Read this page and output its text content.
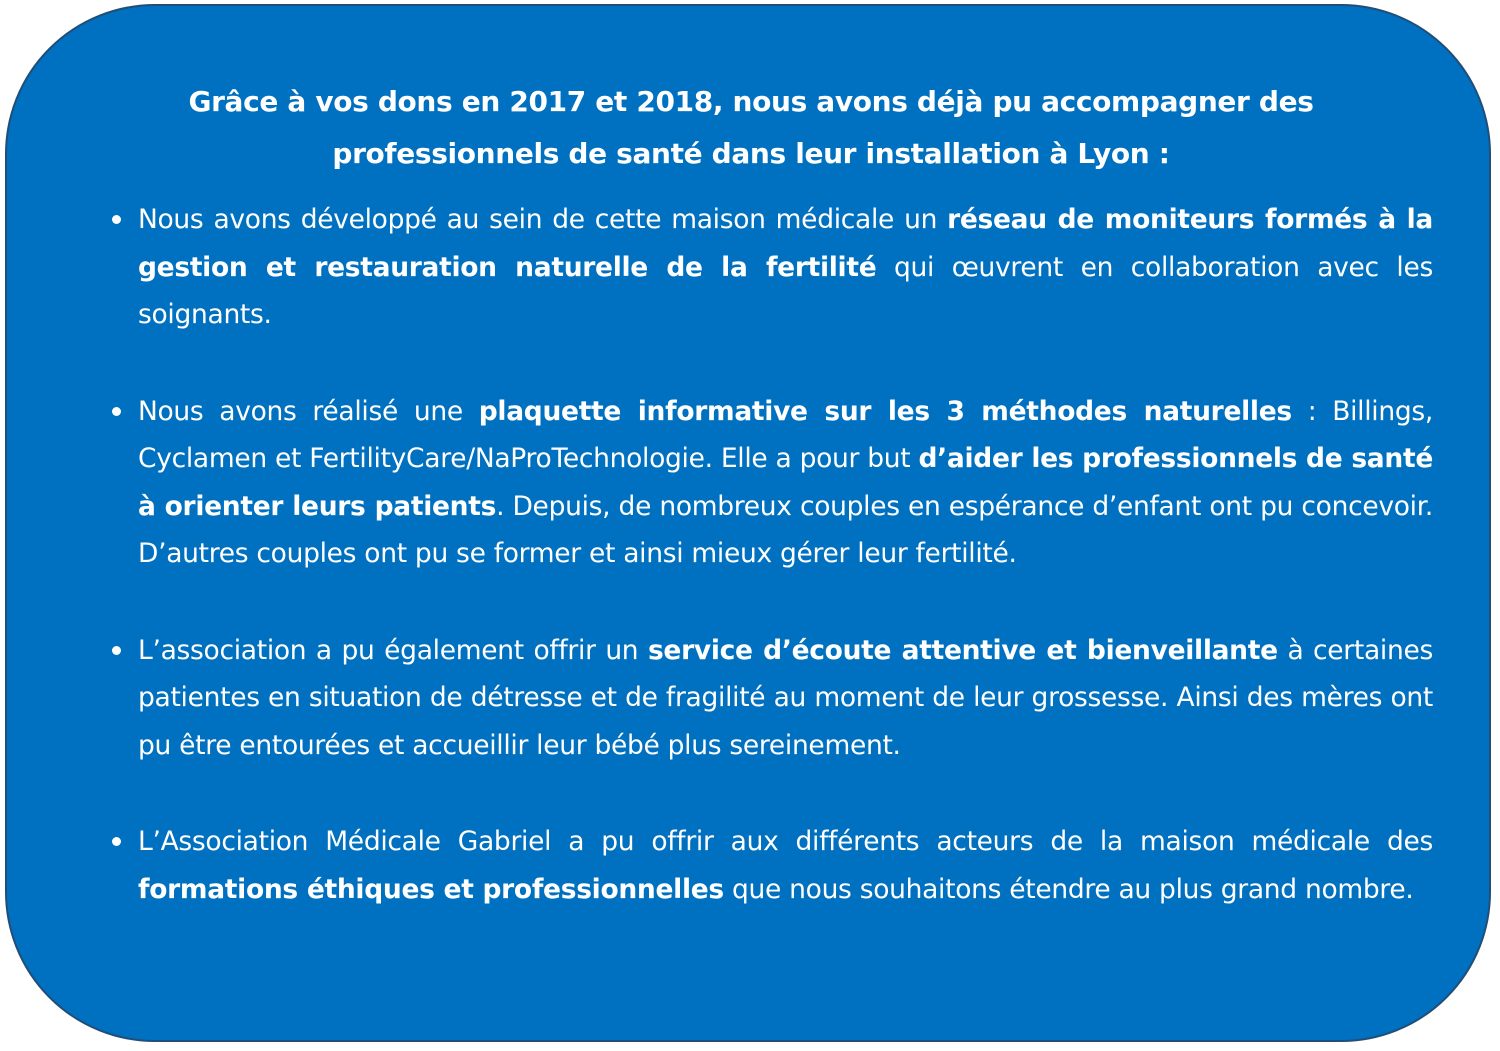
Grâce à vos dons en 2017 et 2018, nous avons déjà pu accompagner des
professionnels de santé dans leur installation à Lyon :
Nous avons développé au sein de cette maison médicale un réseau de moniteurs formés à la gestion et restauration naturelle de la fertilité qui œuvrent en collaboration avec les soignants.
Nous avons réalisé une plaquette informative sur les 3 méthodes naturelles : Billings, Cyclamen et FertilityCare/NaProTechnologie. Elle a pour but d’aider les professionnels de santé à orienter leurs patients. Depuis, de nombreux couples en espérance d’enfant ont pu concevoir. D’autres couples ont pu se former et ainsi mieux gérer leur fertilité.
L’association a pu également offrir un service d’écoute attentive et bienveillante à certaines patientes en situation de détresse et de fragilité au moment de leur grossesse. Ainsi des mères ont pu être entourées et accueillir leur bébé plus sereinement.
L’Association Médicale Gabriel a pu offrir aux différents acteurs de la maison médicale des formations éthiques et professionnelles que nous souhaitons étendre au plus grand nombre.
